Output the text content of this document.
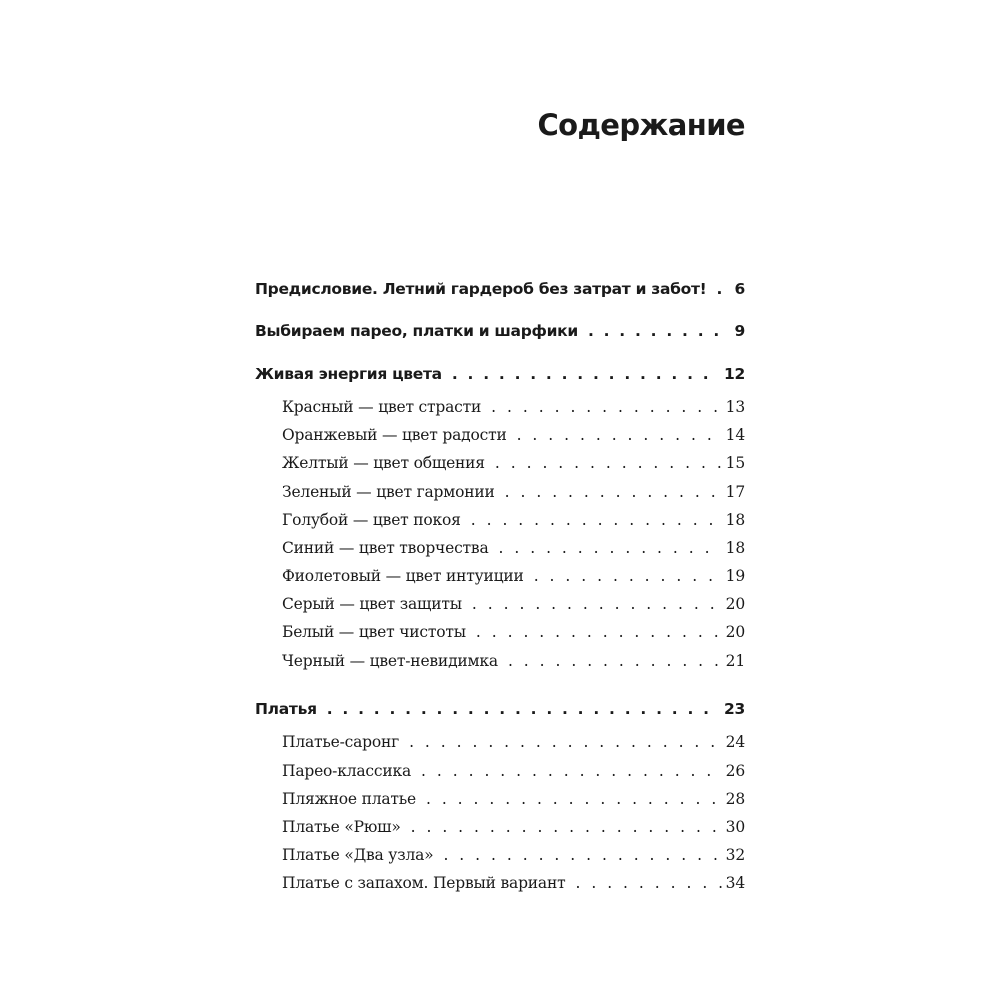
Содержание
Предисловие. Летний гардероб без затрат и забот! . . . 6
Выбираем парео, платки и шарфики . . .	9
Живая энергия цвета . . .	12
Красный — цвет страсти . . .	13
Оранжевый — цвет радости . . .	14
Желтый — цвет общения . . .	15
Зеленый — цвет гармонии . . .	17
Голубой — цвет покоя . . .	18
Синий — цвет творчества . . .	18
Фиолетовый — цвет интуиции . . .	19
Серый — цвет защиты . . .	20
Белый — цвет чистоты . . .	20
Черный — цвет-невидимка . . .	21
Платья . . .	23
Платье-саронг . . .	24
Парео-классика . . .	26
Пляжное платье . . .	28
Платье «Рюш» . . .	30
Платье «Два узла» . . .	32
Платье с запахом. Первый вариант . . .	34
